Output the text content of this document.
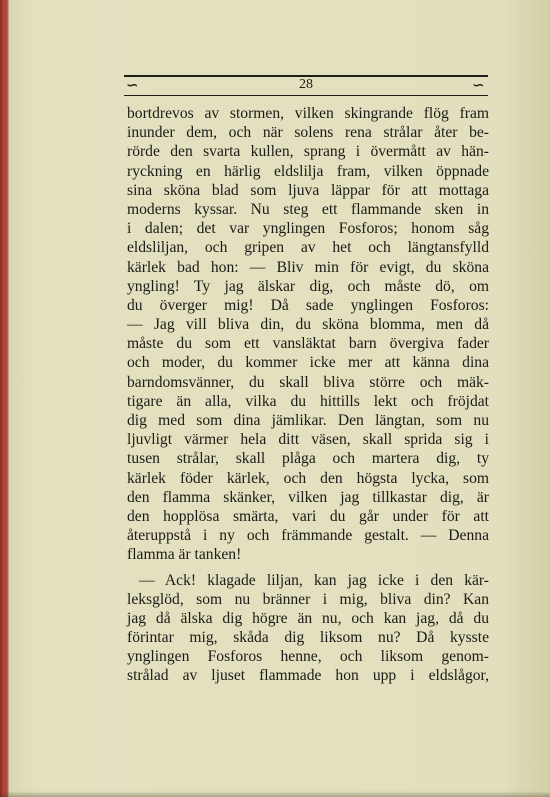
∽	28	∽
bortdrevos av stormen, vilken skingrande flög fram
inunder dem, och när solens rena strålar åter be-
rörde den svarta kullen, sprang i övermått av hän-
ryckning en härlig eldslilja fram, vilken öppnade
sina sköna blad som ljuva läppar för att mottaga
moderns kyssar. Nu steg ett flammande sken in
i dalen; det var ynglingen Fosforos; honom såg
eldsliljan, och gripen av het och längtansfylld
kärlek bad hon: — Bliv min för evigt, du sköna
yngling! Ty jag älskar dig, och måste dö, om
du överger mig! Då sade ynglingen Fosforos:
— Jag vill bliva din, du sköna blomma, men då
måste du som ett vansläktat barn övergiva fader
och moder, du kommer icke mer att känna dina
barndomsvänner, du skall bliva större och mäk-
tigare än alla, vilka du hittills lekt och fröjdat
dig med som dina jämlikar. Den längtan, som nu
ljuvligt värmer hela ditt väsen, skall sprida sig i
tusen strålar, skall plåga och martera dig, ty
kärlek föder kärlek, och den högsta lycka, som
den flamma skänker, vilken jag tillkastar dig, är
den hopplösa smärta, vari du går under för att
återuppstå i ny och främmande gestalt. — Denna
flamma är tanken!
— Ack! klagade liljan, kan jag icke i den kär-
leksglöd, som nu bränner i mig, bliva din? Kan
jag då älska dig högre än nu, och kan jag, då du
förintar mig, skåda dig liksom nu? Då kysste
ynglingen Fosforos henne, och liksom genom-
strålad av ljuset flammade hon upp i eldslågor,
